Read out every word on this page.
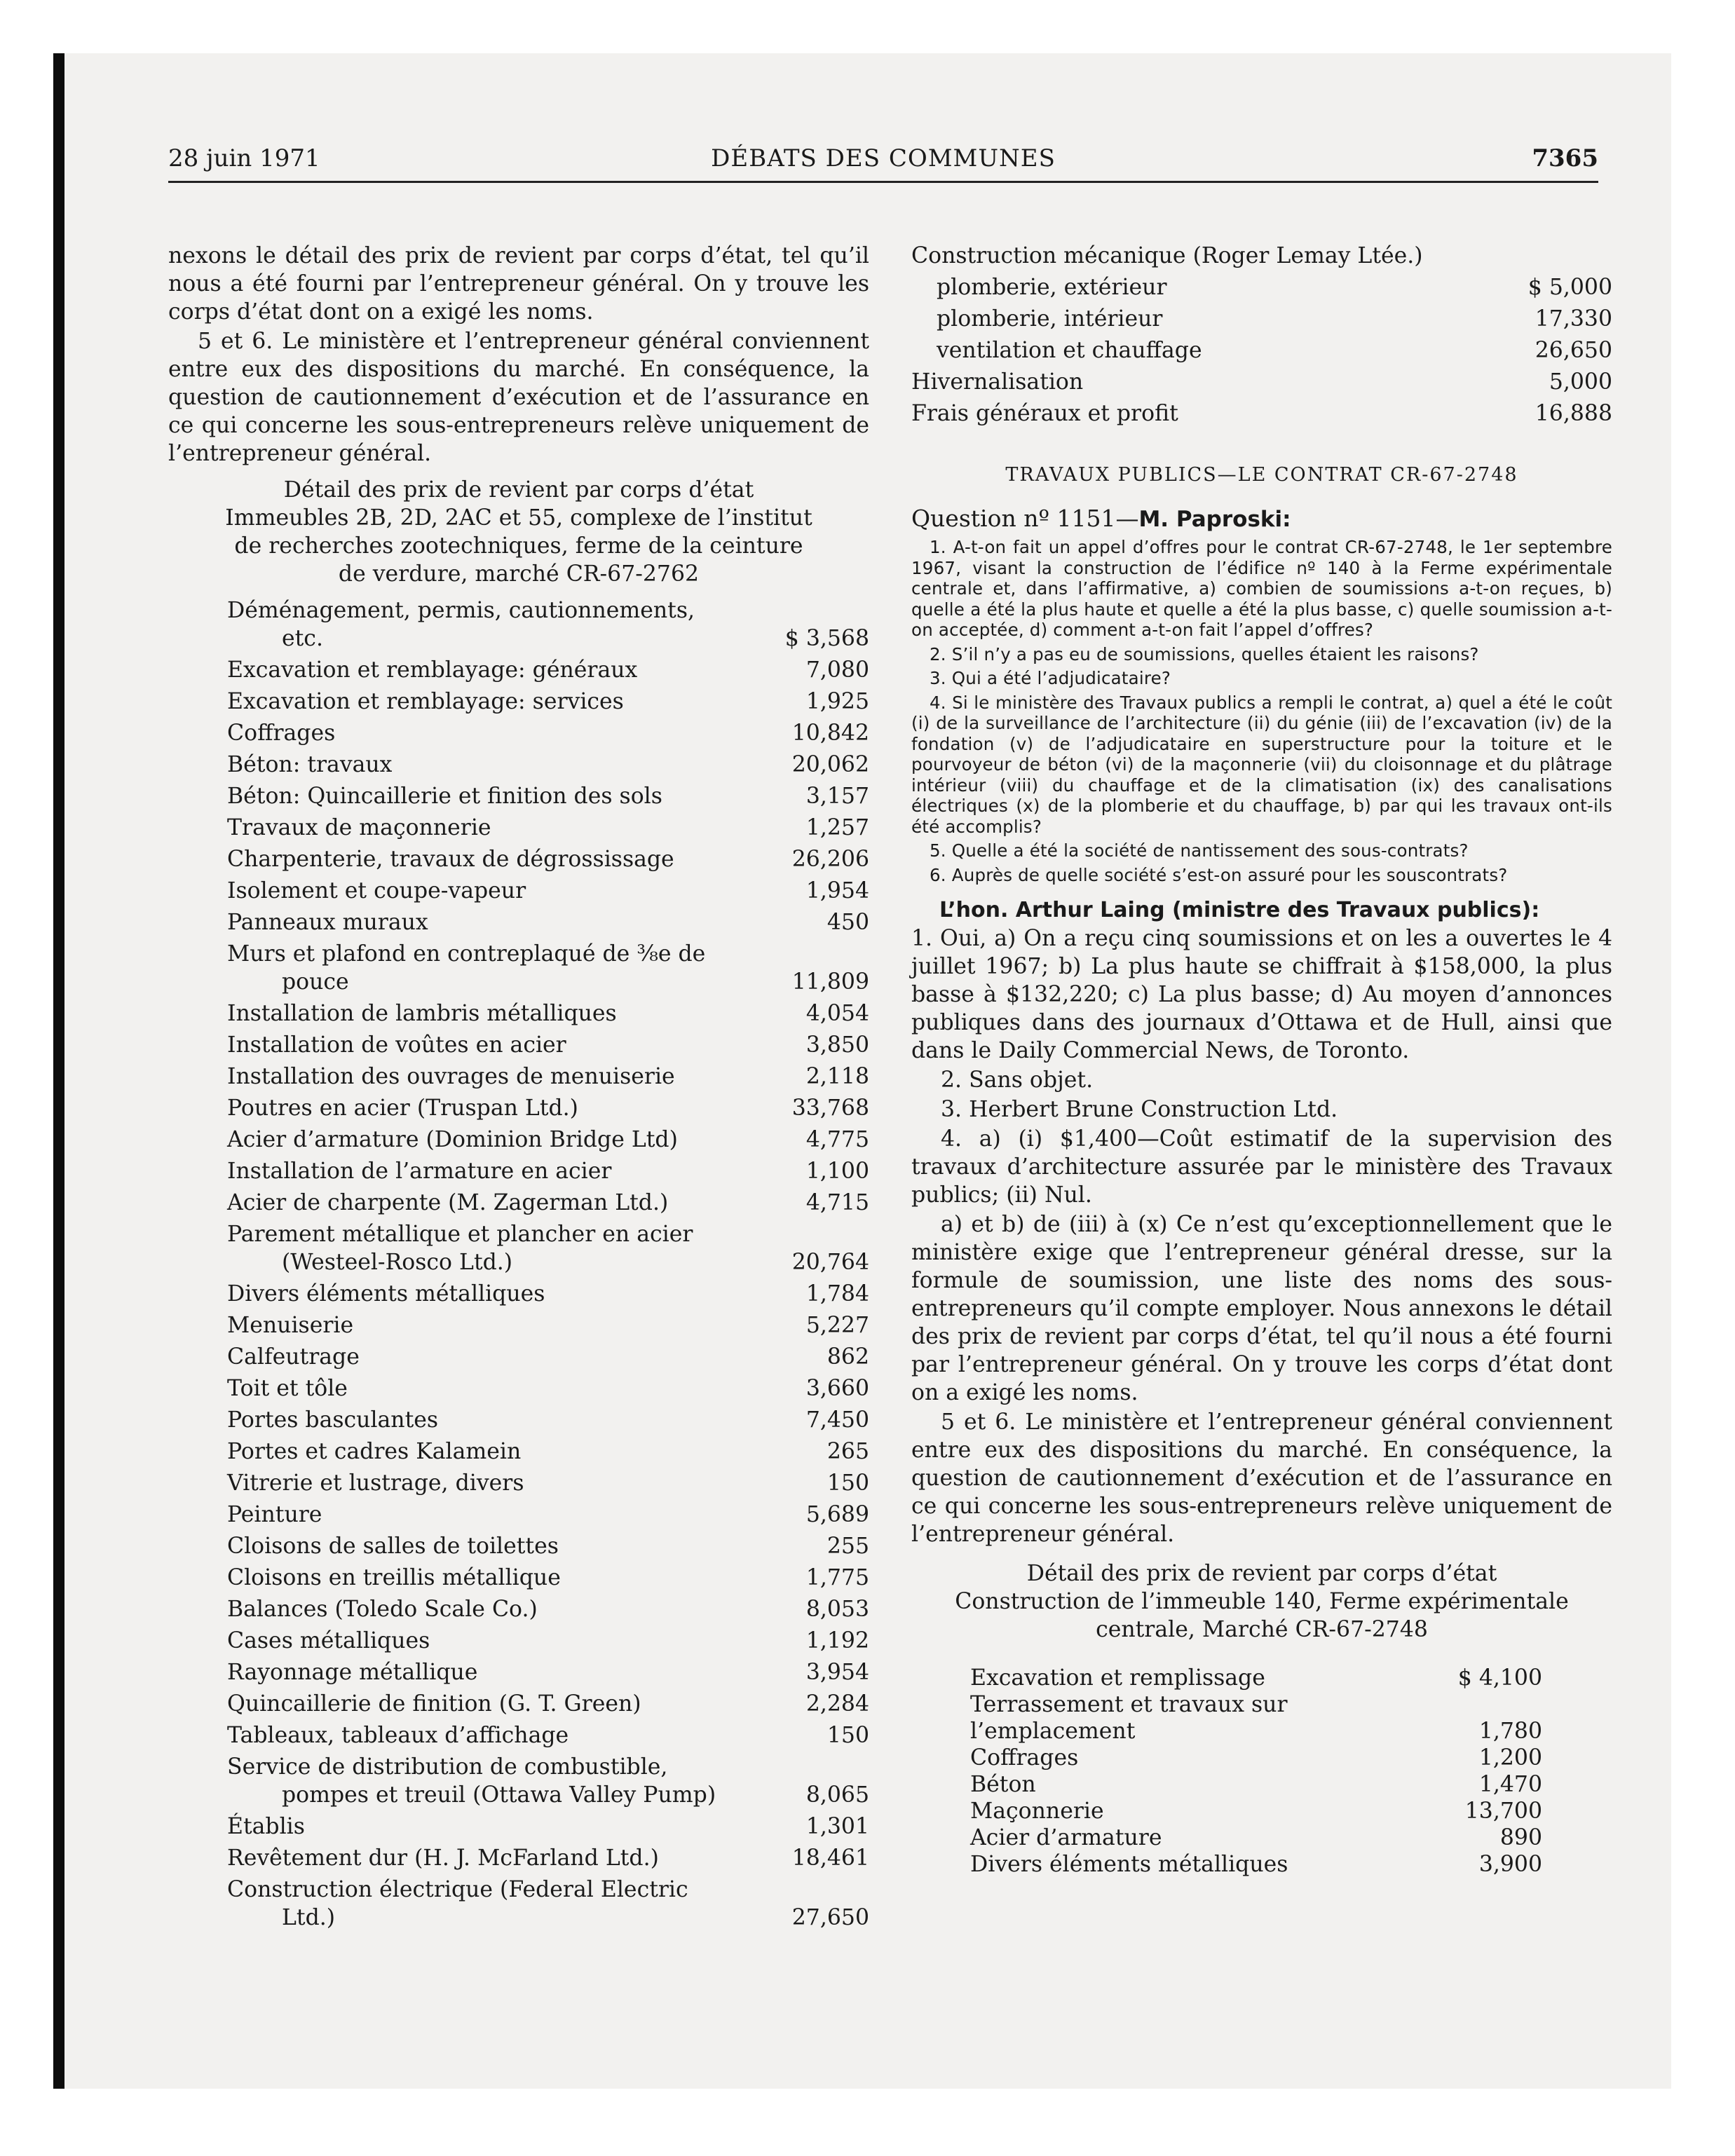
28 juin 1971	DÉBATS DES COMMUNES	7365

nexons le détail des prix de revient par corps d’état, tel qu’il nous a été fourni par l’entrepreneur général. On y trouve les corps d’état dont on a exigé les noms.

5 et 6. Le ministère et l’entrepreneur général conviennent entre eux des dispositions du marché. En conséquence, la question de cautionnement d’exécution et de l’assurance en ce qui concerne les sous-entrepreneurs relève uniquement de l’entrepreneur général.

Détail des prix de revient par corps d’état
Immeubles 2B, 2D, 2AC et 55, complexe de l’institut
de recherches zootechniques, ferme de la ceinture
de verdure, marché CR-67-2762
Déménagement, permis, cautionnements,
etc.	$ 3,568
Excavation et remblayage: généraux	7,080
Excavation et remblayage: services	1,925
Coffrages	10,842
Béton: travaux	20,062
Béton: Quincaillerie et finition des sols	3,157
Travaux de maçonnerie	1,257
Charpenterie, travaux de dégrossissage	26,206
Isolement et coupe-vapeur	1,954
Panneaux muraux	450
Murs et plafond en contreplaqué de ⅜e de
pouce	11,809
Installation de lambris métalliques	4,054
Installation de voûtes en acier	3,850
Installation des ouvrages de menuiserie	2,118
Poutres en acier (Truspan Ltd.)	33,768
Acier d’armature (Dominion Bridge Ltd)	4,775
Installation de l’armature en acier	1,100
Acier de charpente (M. Zagerman Ltd.)	4,715
Parement métallique et plancher en acier
(Westeel-Rosco Ltd.)	20,764
Divers éléments métalliques	1,784
Menuiserie	5,227
Calfeutrage	862
Toit et tôle	3,660
Portes basculantes	7,450
Portes et cadres Kalamein	265
Vitrerie et lustrage, divers	150
Peinture	5,689
Cloisons de salles de toilettes	255
Cloisons en treillis métallique	1,775
Balances (Toledo Scale Co.)	8,053
Cases métalliques	1,192
Rayonnage métallique	3,954
Quincaillerie de finition (G. T. Green)	2,284
Tableaux, tableaux d’affichage	150
Service de distribution de combustible,
pompes et treuil (Ottawa Valley Pump)	8,065
Établis	1,301
Revêtement dur (H. J. McFarland Ltd.)	18,461
Construction électrique (Federal Electric
Ltd.)	27,650
Construction mécanique (Roger Lemay Ltée.)
plomberie, extérieur	$ 5,000
plomberie, intérieur	17,330
ventilation et chauffage	26,650
Hivernalisation	5,000
Frais généraux et profit	16,888
TRAVAUX PUBLICS—LE CONTRAT CR-67-2748

Question nº 1151—M. Paproski:

1. A-t-on fait un appel d’offres pour le contrat CR-67-2748, le 1er septembre 1967, visant la construction de l’édifice nº 140 à la Ferme expérimentale centrale et, dans l’affirmative, a) combien de soumissions a-t-on reçues, b) quelle a été la plus haute et quelle a été la plus basse, c) quelle soumission a-t-on acceptée, d) comment a-t-on fait l’appel d’offres?

2. S’il n’y a pas eu de soumissions, quelles étaient les raisons?

3. Qui a été l’adjudicataire?

4. Si le ministère des Travaux publics a rempli le contrat, a) quel a été le coût (i) de la surveillance de l’architecture (ii) du génie (iii) de l’excavation (iv) de la fondation (v) de l’adjudicataire en superstructure pour la toiture et le pourvoyeur de béton (vi) de la maçonnerie (vii) du cloisonnage et du plâtrage intérieur (viii) du chauffage et de la climatisation (ix) des canalisations électriques (x) de la plomberie et du chauffage, b) par qui les travaux ont-ils été accomplis?

5. Quelle a été la société de nantissement des sous-contrats?

6. Auprès de quelle société s’est-on assuré pour les souscontrats?

L’hon. Arthur Laing (ministre des Travaux publics):

1. Oui, a) On a reçu cinq soumissions et on les a ouvertes le 4 juillet 1967; b) La plus haute se chiffrait à $158,000, la plus basse à $132,220; c) La plus basse; d) Au moyen d’annonces publiques dans des journaux d’Ottawa et de Hull, ainsi que dans le Daily Commercial News, de Toronto.

2. Sans objet.

3. Herbert Brune Construction Ltd.

4. a) (i) $1,400—Coût estimatif de la supervision des travaux d’architecture assurée par le ministère des Travaux publics; (ii) Nul.

a) et b) de (iii) à (x) Ce n’est qu’exceptionnellement que le ministère exige que l’entrepreneur général dresse, sur la formule de soumission, une liste des noms des sous-entrepreneurs qu’il compte employer. Nous annexons le détail des prix de revient par corps d’état, tel qu’il nous a été fourni par l’entrepreneur général. On y trouve les corps d’état dont on a exigé les noms.

5 et 6. Le ministère et l’entrepreneur général conviennent entre eux des dispositions du marché. En conséquence, la question de cautionnement d’exécution et de l’assurance en ce qui concerne les sous-entrepreneurs relève uniquement de l’entrepreneur général.

Détail des prix de revient par corps d’état
Construction de l’immeuble 140, Ferme expérimentale
centrale, Marché CR-67-2748
Excavation et remplissage	$ 4,100
Terrassement et travaux sur l’emplacement	1,780
Coffrages	1,200
Béton	1,470
Maçonnerie	13,700
Acier d’armature	890
Divers éléments métalliques	3,900
